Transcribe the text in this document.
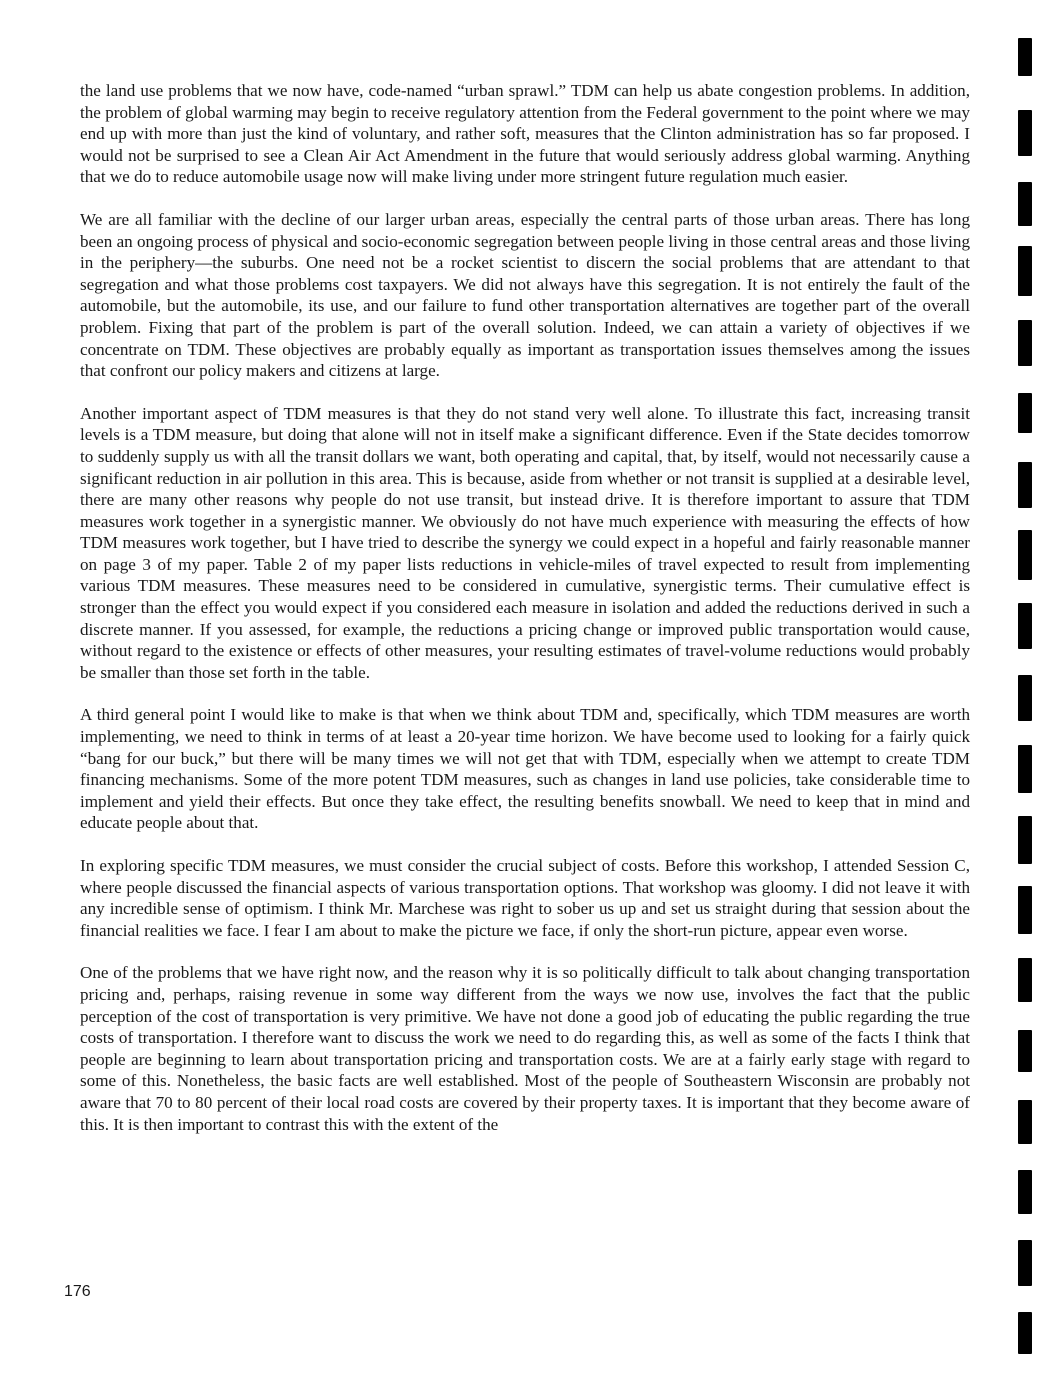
the land use problems that we now have, code-named “urban sprawl.” TDM can help us abate congestion problems. In addition, the problem of global warming may begin to receive regulatory attention from the Federal government to the point where we may end up with more than just the kind of voluntary, and rather soft, measures that the Clinton administration has so far proposed. I would not be surprised to see a Clean Air Act Amendment in the future that would seriously address global warming. Anything that we do to reduce automobile usage now will make living under more stringent future regulation much easier.

We are all familiar with the decline of our larger urban areas, especially the central parts of those urban areas. There has long been an ongoing process of physical and socio-economic segregation between people living in those central areas and those living in the periphery—the suburbs. One need not be a rocket scientist to discern the social problems that are attendant to that segregation and what those problems cost taxpayers. We did not always have this segregation. It is not entirely the fault of the automobile, but the automobile, its use, and our failure to fund other transportation alternatives are together part of the overall problem. Fixing that part of the problem is part of the overall solution. Indeed, we can attain a variety of objectives if we concentrate on TDM. These objectives are probably equally as important as transportation issues themselves among the issues that confront our policy makers and citizens at large.

Another important aspect of TDM measures is that they do not stand very well alone. To illustrate this fact, increasing transit levels is a TDM measure, but doing that alone will not in itself make a significant difference. Even if the State decides tomorrow to suddenly supply us with all the transit dollars we want, both operating and capital, that, by itself, would not necessarily cause a significant reduction in air pollution in this area. This is because, aside from whether or not transit is supplied at a desirable level, there are many other reasons why people do not use transit, but instead drive. It is therefore important to assure that TDM measures work together in a synergistic manner. We obviously do not have much experience with measuring the effects of how TDM measures work together, but I have tried to describe the synergy we could expect in a hopeful and fairly reasonable manner on page 3 of my paper. Table 2 of my paper lists reductions in vehicle-miles of travel expected to result from implementing various TDM measures. These measures need to be considered in cumulative, synergistic terms. Their cumulative effect is stronger than the effect you would expect if you considered each measure in isolation and added the reductions derived in such a discrete manner. If you assessed, for example, the reductions a pricing change or improved public transportation would cause, without regard to the existence or effects of other measures, your resulting estimates of travel-volume reductions would probably be smaller than those set forth in the table.

A third general point I would like to make is that when we think about TDM and, specifically, which TDM measures are worth implementing, we need to think in terms of at least a 20-year time horizon. We have become used to looking for a fairly quick “bang for our buck,” but there will be many times we will not get that with TDM, especially when we attempt to create TDM financing mechanisms. Some of the more potent TDM measures, such as changes in land use policies, take considerable time to implement and yield their effects. But once they take effect, the resulting benefits snowball. We need to keep that in mind and educate people about that.

In exploring specific TDM measures, we must consider the crucial subject of costs. Before this workshop, I attended Session C, where people discussed the financial aspects of various transportation options. That workshop was gloomy. I did not leave it with any incredible sense of optimism. I think Mr. Marchese was right to sober us up and set us straight during that session about the financial realities we face. I fear I am about to make the picture we face, if only the short-run picture, appear even worse.

One of the problems that we have right now, and the reason why it is so politically difficult to talk about changing transportation pricing and, perhaps, raising revenue in some way different from the ways we now use, involves the fact that the public perception of the cost of transportation is very primitive. We have not done a good job of educating the public regarding the true costs of transportation. I therefore want to discuss the work we need to do regarding this, as well as some of the facts I think that people are beginning to learn about transportation pricing and transportation costs. We are at a fairly early stage with regard to some of this. Nonetheless, the basic facts are well established. Most of the people of Southeastern Wisconsin are probably not aware that 70 to 80 percent of their local road costs are covered by their property taxes. It is important that they become aware of this. It is then important to contrast this with the extent of the

176
